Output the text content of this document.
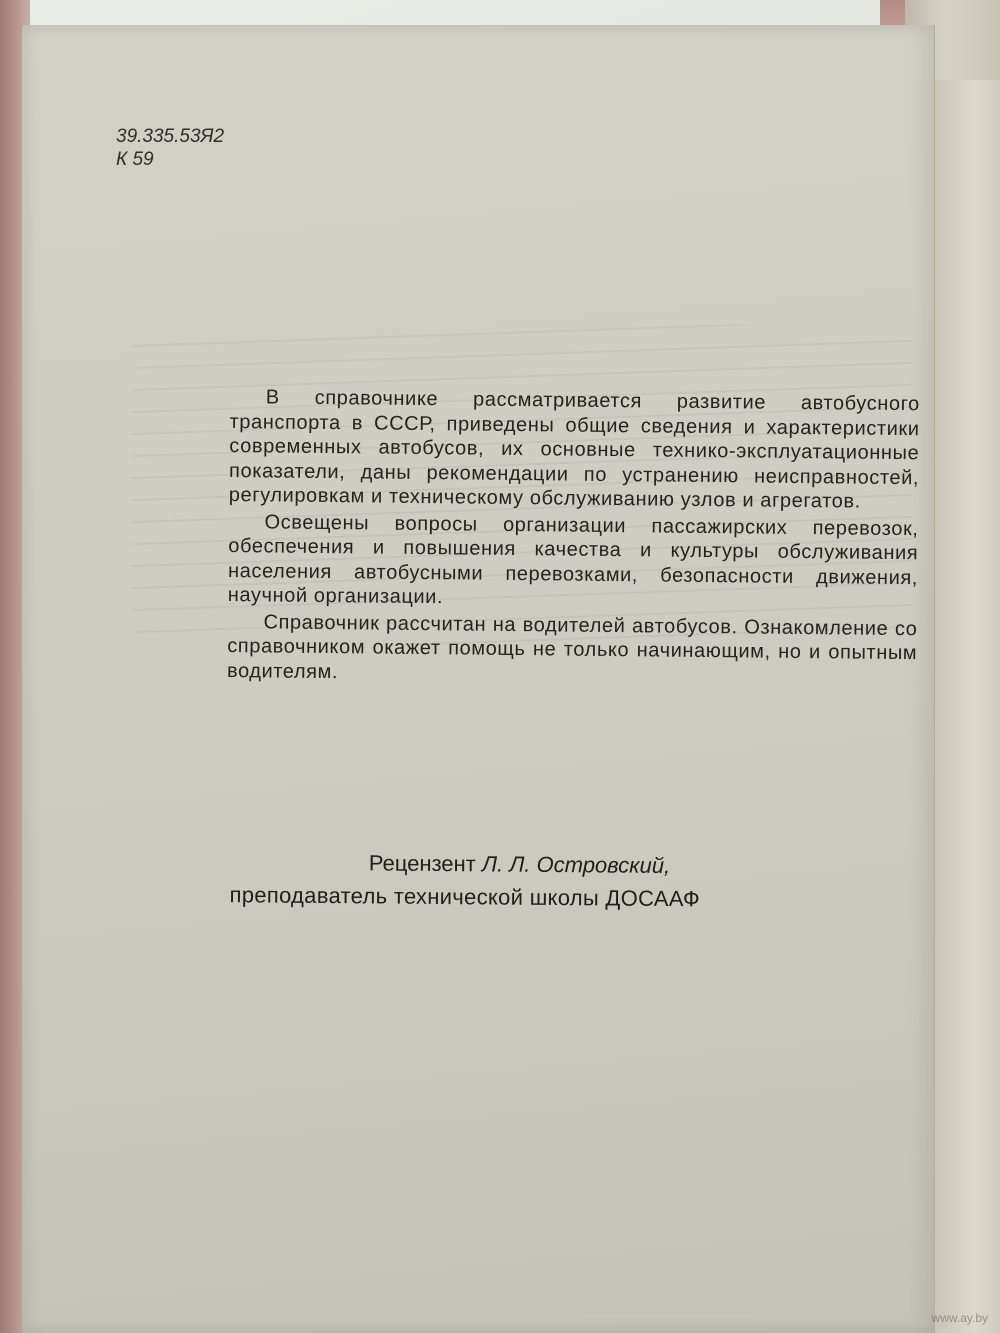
39.335.53Я2
К 59

В справочнике рассматривается развитие автобусного транспорта в СССР, приведены общие сведения и характеристики современных автобусов, их основные технико-эксплуатационные показатели, даны рекомендации по устранению неисправностей, регулировкам и техническому обслуживанию узлов и агрегатов.

Освещены вопросы организации пассажирских перевозок, обеспечения и повышения качества и культуры обслуживания населения автобусными перевозками, безопасности движения, научной организации.

Справочник рассчитан на водителей автобусов. Ознакомление со справочником окажет помощь не только начинающим, но и опытным водителям.

Рецензент Л. Л. Островский,
преподаватель технической школы ДОСААФ
www.ay.by
